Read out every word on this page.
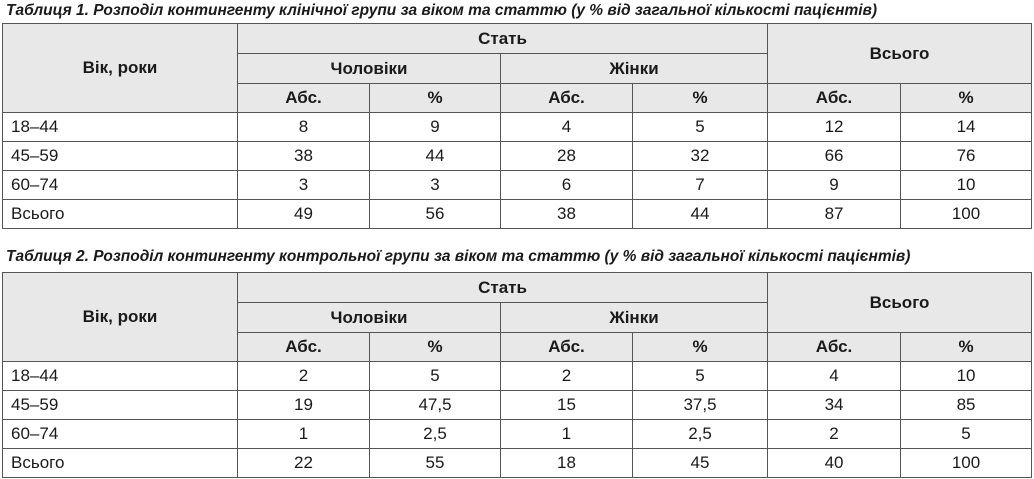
Таблиця 1. Розподіл контингенту клінічної групи за віком та статтю (у % від загальної кількості пацієнтів)
Вік, роки	Стать				Всього	
	Чоловіки		Жінки			
	Абс.	%	Абс.	%	Абс.	%
18–44	8	9	4	5	12	14
45–59	38	44	28	32	66	76
60–74	3	3	6	7	9	10
Всього	49	56	38	44	87	100
Таблиця 2. Розподіл контингенту контрольної групи за віком та статтю (у % від загальної кількості пацієнтів)
Вік, роки	Стать				Всього	
	Чоловіки		Жінки			
	Абс.	%	Абс.	%	Абс.	%
18–44	2	5	2	5	4	10
45–59	19	47,5	15	37,5	34	85
60–74	1	2,5	1	2,5	2	5
Всього	22	55	18	45	40	100
